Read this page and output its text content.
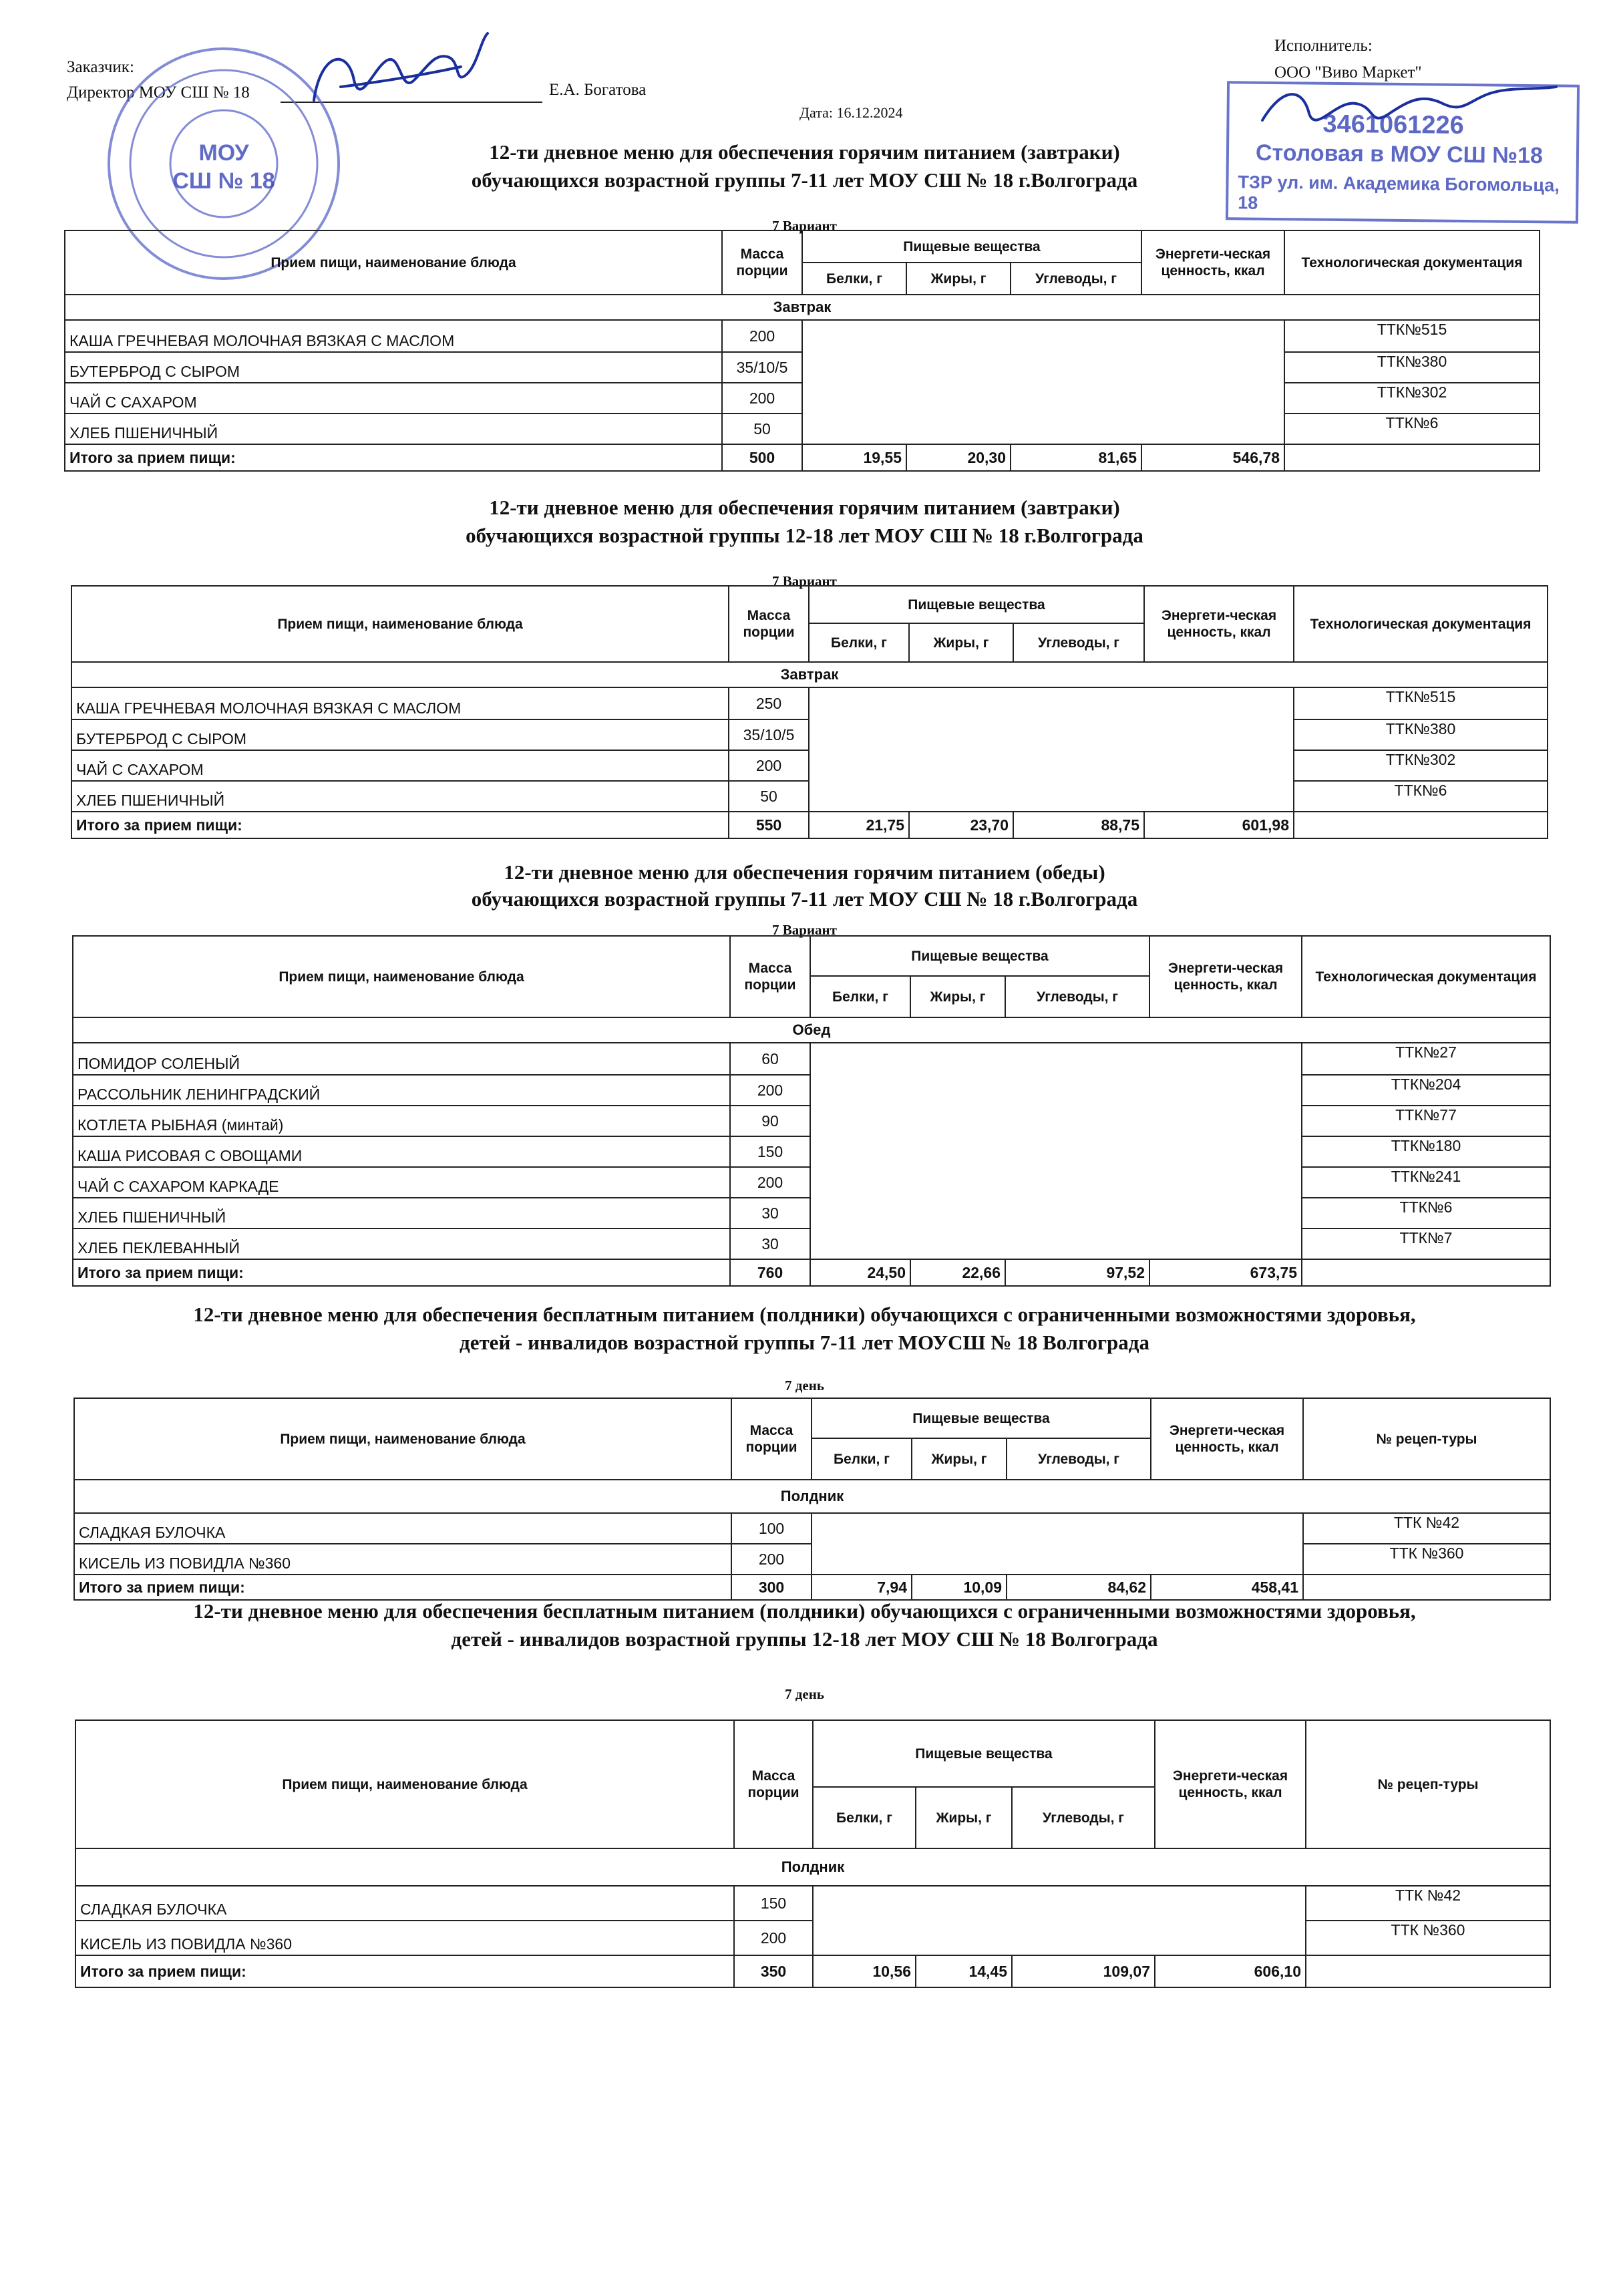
Заказчик:
Директор МОУ СШ № 18	Е.А. Богатова
Исполнитель:
ООО "Виво Маркет"
Дата: 16.12.2024
МОУ
СШ № 18
3461061226
Столовая в МОУ СШ №18
ТЗР ул. им. Академика Богомольца, 18
12-ти дневное меню для обеспечения горячим питанием (завтраки)
обучающихся возрастной группы 7-11 лет МОУ СШ № 18 г.Волгограда
7 Вариант
Прием пищи, наименование блюда	Масса порции	Пищевые вещества			Энергети-ческая ценность, ккал	Технологическая документация
		Белки, г	Жиры, г	Углеводы, г		
Завтрак						
КАША ГРЕЧНЕВАЯ МОЛОЧНАЯ ВЯЗКАЯ С МАСЛОМ	200					ТТК№515
БУТЕРБРОД С СЫРОМ	35/10/5					ТТК№380
ЧАЙ С САХАРОМ	200					ТТК№302
ХЛЕБ ПШЕНИЧНЫЙ	50					ТТК№6
Итого за прием пищи:	500	19,55	20,30	81,65	546,78	
12-ти дневное меню для обеспечения горячим питанием (завтраки)
обучающихся возрастной группы 12-18 лет МОУ СШ № 18 г.Волгограда
7 Вариант
Прием пищи, наименование блюда	Масса порции	Пищевые вещества			Энергети-ческая ценность, ккал	Технологическая документация
		Белки, г	Жиры, г	Углеводы, г		
Завтрак						
КАША ГРЕЧНЕВАЯ МОЛОЧНАЯ ВЯЗКАЯ С МАСЛОМ	250					ТТК№515
БУТЕРБРОД С СЫРОМ	35/10/5					ТТК№380
ЧАЙ С САХАРОМ	200					ТТК№302
ХЛЕБ ПШЕНИЧНЫЙ	50					ТТК№6
Итого за прием пищи:	550	21,75	23,70	88,75	601,98	
12-ти дневное меню для обеспечения горячим питанием (обеды)
обучающихся возрастной группы 7-11 лет МОУ СШ № 18 г.Волгограда
7 Вариант
Прием пищи, наименование блюда	Масса порции	Пищевые вещества			Энергети-ческая ценность, ккал	Технологическая документация
		Белки, г	Жиры, г	Углеводы, г		
Обед						
ПОМИДОР СОЛЕНЫЙ	60					ТТК№27
РАССОЛЬНИК ЛЕНИНГРАДСКИЙ	200					ТТК№204
КОТЛЕТА РЫБНАЯ (минтай)	90					ТТК№77
КАША РИСОВАЯ С ОВОЩАМИ	150					ТТК№180
ЧАЙ С САХАРОМ КАРКАДЕ	200					ТТК№241
ХЛЕБ ПШЕНИЧНЫЙ	30					ТТК№6
ХЛЕБ ПЕКЛЕВАННЫЙ	30					ТТК№7
Итого за прием пищи:	760	24,50	22,66	97,52	673,75	
12-ти дневное меню для обеспечения бесплатным питанием (полдники) обучающихся с ограниченными возможностями здоровья,
детей - инвалидов возрастной группы 7-11 лет МОУСШ № 18 Волгограда
7 день
Прием пищи, наименование блюда	Масса порции	Пищевые вещества			Энергети-ческая ценность, ккал	№ рецеп-туры
		Белки, г	Жиры, г	Углеводы, г		
Полдник						
СЛАДКАЯ БУЛОЧКА	100					ТТК №42
КИСЕЛЬ ИЗ ПОВИДЛА №360	200					ТТК №360
Итого за прием пищи:	300	7,94	10,09	84,62	458,41	
12-ти дневное меню для обеспечения бесплатным питанием (полдники) обучающихся с ограниченными возможностями здоровья,
детей - инвалидов возрастной группы 12-18 лет МОУ СШ № 18 Волгограда
7 день
Прием пищи, наименование блюда	Масса порции	Пищевые вещества			Энергети-ческая ценность, ккал	№ рецеп-туры
		Белки, г	Жиры, г	Углеводы, г		
Полдник						
СЛАДКАЯ БУЛОЧКА	150					ТТК №42
КИСЕЛЬ ИЗ ПОВИДЛА №360	200					ТТК №360
Итого за прием пищи:	350	10,56	14,45	109,07	606,10	
